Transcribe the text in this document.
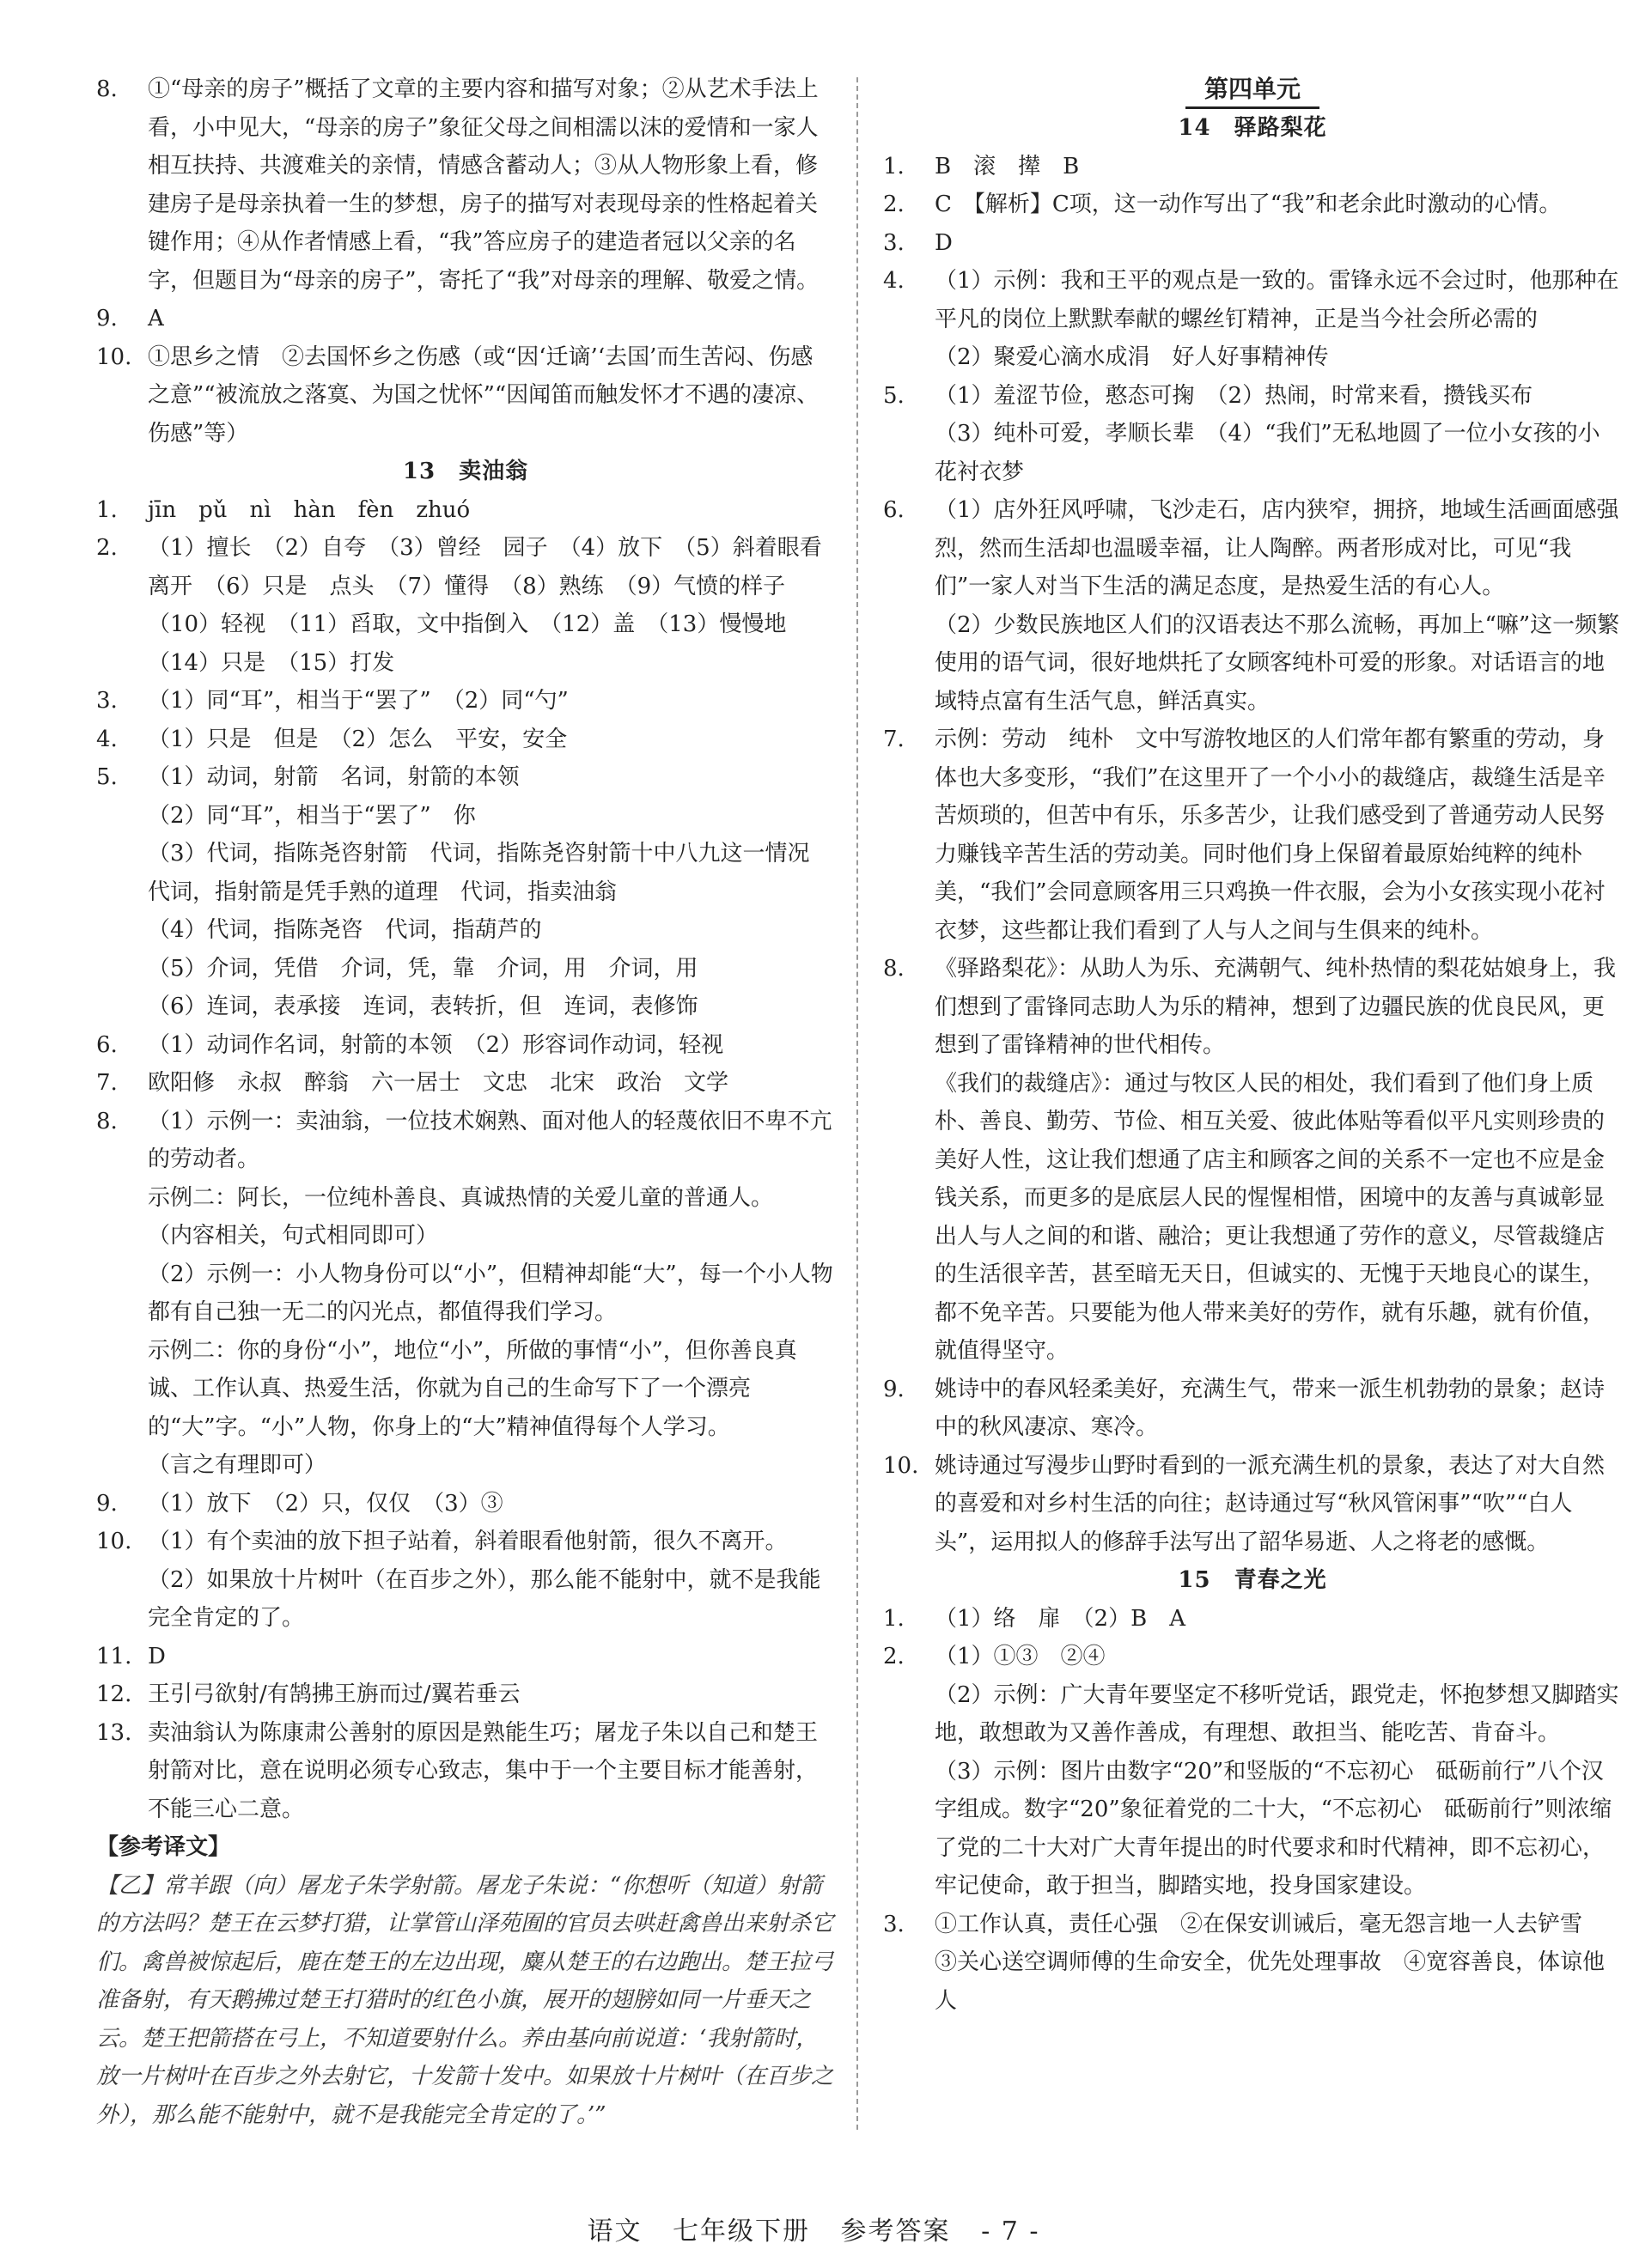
8.	①“母亲的房子”概括了文章的主要内容和描写对象；②从艺术手法上看，小中见大，“母亲的房子”象征父母之间相濡以沫的爱情和一家人相互扶持、共渡难关的亲情，情感含蓄动人；③从人物形象上看，修建房子是母亲执着一生的梦想，房子的描写对表现母亲的性格起着关键作用；④从作者情感上看，“我”答应房子的建造者冠以父亲的名字，但题目为“母亲的房子”，寄托了“我”对母亲的理解、敬爱之情。
9.	A
10. ①思乡之情　②去国怀乡之伤感（或“因‘迁谪’‘去国’而生苦闷、伤感之意”“被流放之落寞、为国之忧怀”“因闻笛而触发怀才不遇的凄凉、伤感”等）
13　卖油翁
1.	jīn　pǔ　nì　hàn　fèn　zhuó
2.	（1）擅长　（2）自夸　（3）曾经　园子　（4）放下　（5）斜着眼看离开　（6）只是　点头　（7）懂得　（8）熟练　（9）气愤的样子
（10）轻视　（11）舀取，文中指倒入　（12）盖　（13）慢慢地
（14）只是　（15）打发
3.	（1）同“耳”，相当于“罢了”　（2）同“勺”
4.	（1）只是　但是　（2）怎么　平安，安全
5.	（1）动词，射箭　名词，射箭的本领
（2）同“耳”，相当于“罢了”　你
（3）代词，指陈尧咨射箭　代词，指陈尧咨射箭十中八九这一情况　代词，指射箭是凭手熟的道理　代词，指卖油翁
（4）代词，指陈尧咨　代词，指葫芦的
（5）介词，凭借　介词，凭，靠　介词，用　介词，用
（6）连词，表承接　连词，表转折，但　连词，表修饰
6.	（1）动词作名词，射箭的本领　（2）形容词作动词，轻视
7.	欧阳修　永叔　醉翁　六一居士　文忠　北宋　政治　文学
8.	（1）示例一：卖油翁，一位技术娴熟、面对他人的轻蔑依旧不卑不亢的劳动者。
示例二：阿长，一位纯朴善良、真诚热情的关爱儿童的普通人。
（内容相关，句式相同即可）
（2）示例一：小人物身份可以“小”，但精神却能“大”，每一个小人物都有自己独一无二的闪光点，都值得我们学习。
示例二：你的身份“小”，地位“小”，所做的事情“小”，但你善良真诚、工作认真、热爱生活，你就为自己的生命写下了一个漂亮的“大”字。“小”人物，你身上的“大”精神值得每个人学习。
（言之有理即可）
9.	（1）放下　（2）只，仅仅　（3）③
10. （1）有个卖油的放下担子站着，斜着眼看他射箭，很久不离开。
（2）如果放十片树叶（在百步之外），那么能不能射中，就不是我能完全肯定的了。
11. D
12. 王引弓欲射/有鹄拂王旃而过/翼若垂云
13. 卖油翁认为陈康肃公善射的原因是熟能生巧；屠龙子朱以自己和楚王射箭对比，意在说明必须专心致志，集中于一个主要目标才能善射，不能三心二意。
【参考译文】
【乙】常羊跟（向）屠龙子朱学射箭。屠龙子朱说：“你想听（知道）射箭的方法吗？楚王在云梦打猎，让掌管山泽苑囿的官员去哄赶禽兽出来射杀它们。禽兽被惊起后，鹿在楚王的左边出现，麋从楚王的右边跑出。楚王拉弓准备射，有天鹅拂过楚王打猎时的红色小旗，展开的翅膀如同一片垂天之云。楚王把箭搭在弓上，不知道要射什么。养由基向前说道：‘我射箭时，放一片树叶在百步之外去射它，十发箭十发中。如果放十片树叶（在百步之外），那么能不能射中，就不是我能完全肯定的了。’”
第四单元
14　驿路梨花
1.	B　滚　撵　B
2.	C　【解析】C项，这一动作写出了“我”和老余此时激动的心情。
3.	D
4.	（1）示例：我和王平的观点是一致的。雷锋永远不会过时，他那种在平凡的岗位上默默奉献的螺丝钉精神，正是当今社会所必需的
（2）聚爱心滴水成涓　好人好事精神传
5.	（1）羞涩节俭，憨态可掬　（2）热闹，时常来看，攒钱买布
（3）纯朴可爱，孝顺长辈　（4）“我们”无私地圆了一位小女孩的小花衬衣梦
6.	（1）店外狂风呼啸，飞沙走石，店内狭窄，拥挤，地域生活画面感强烈，然而生活却也温暖幸福，让人陶醉。两者形成对比，可见“我们”一家人对当下生活的满足态度，是热爱生活的有心人。
（2）少数民族地区人们的汉语表达不那么流畅，再加上“嘛”这一频繁使用的语气词，很好地烘托了女顾客纯朴可爱的形象。对话语言的地域特点富有生活气息，鲜活真实。
7.	示例：劳动　纯朴　文中写游牧地区的人们常年都有繁重的劳动，身体也大多变形，“我们”在这里开了一个小小的裁缝店，裁缝生活是辛苦烦琐的，但苦中有乐，乐多苦少，让我们感受到了普通劳动人民努力赚钱辛苦生活的劳动美。同时他们身上保留着最原始纯粹的纯朴美，“我们”会同意顾客用三只鸡换一件衣服，会为小女孩实现小花衬衣梦，这些都让我们看到了人与人之间与生俱来的纯朴。
8.	《驿路梨花》：从助人为乐、充满朝气、纯朴热情的梨花姑娘身上，我们想到了雷锋同志助人为乐的精神，想到了边疆民族的优良民风，更想到了雷锋精神的世代相传。
《我们的裁缝店》：通过与牧区人民的相处，我们看到了他们身上质朴、善良、勤劳、节俭、相互关爱、彼此体贴等看似平凡实则珍贵的美好人性，这让我们想通了店主和顾客之间的关系不一定也不应是金钱关系，而更多的是底层人民的惺惺相惜，困境中的友善与真诚彰显出人与人之间的和谐、融洽；更让我想通了劳作的意义，尽管裁缝店的生活很辛苦，甚至暗无天日，但诚实的、无愧于天地良心的谋生，都不免辛苦。只要能为他人带来美好的劳作，就有乐趣，就有价值，就值得坚守。
9.	姚诗中的春风轻柔美好，充满生气，带来一派生机勃勃的景象；赵诗中的秋风凄凉、寒冷。
10. 姚诗通过写漫步山野时看到的一派充满生机的景象，表达了对大自然的喜爱和对乡村生活的向往；赵诗通过写“秋风管闲事”“吹”“白人头”，运用拟人的修辞手法写出了韶华易逝、人之将老的感慨。
15　青春之光
1.	（1）络　扉　（2）B　A
2.	（1）①③　②④
（2）示例：广大青年要坚定不移听党话，跟党走，怀抱梦想又脚踏实地，敢想敢为又善作善成，有理想、敢担当、能吃苦、肯奋斗。
（3）示例：图片由数字“20”和竖版的“不忘初心　砥砺前行”八个汉字组成。数字“20”象征着党的二十大，“不忘初心　砥砺前行”则浓缩了党的二十大对广大青年提出的时代要求和时代精神，即不忘初心，牢记使命，敢于担当，脚踏实地，投身国家建设。
3.	①工作认真，责任心强　②在保安训诫后，毫无怨言地一人去铲雪　③关心送空调师傅的生命安全，优先处理事故　④宽容善良，体谅他人
语文 七年级下册 参考答案 - 7 -
